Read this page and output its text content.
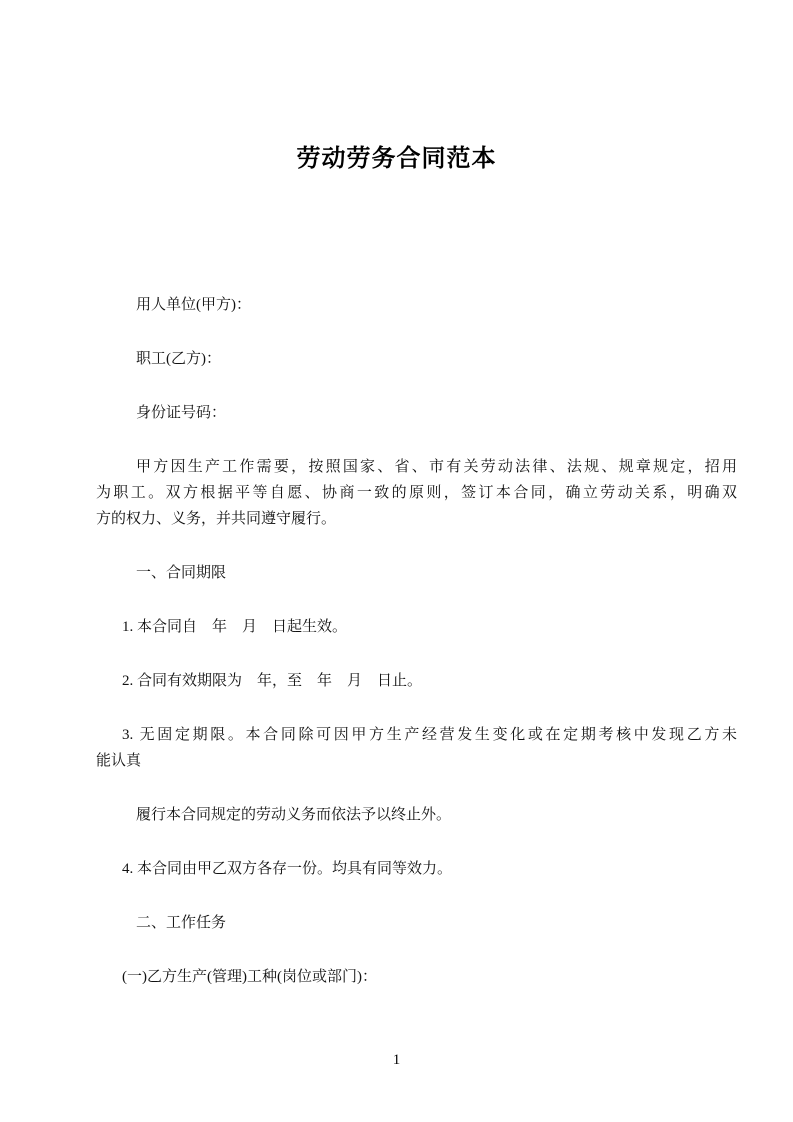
劳动劳务合同范本
用人单位(甲方)：
职工(乙方)：
身份证号码：
甲方因生产工作需要，按照国家、省、市有关劳动法律、法规、规章规定，招用
为职工。双方根据平等自愿、协商一致的原则，签订本合同，确立劳动关系，明确双
方的权力、义务，并共同遵守履行。
一、合同期限
1. 本合同自　年　月　日起生效。
2. 合同有效期限为　年，至　年　月　日止。
3. 无固定期限。本合同除可因甲方生产经营发生变化或在定期考核中发现乙方未
能认真
履行本合同规定的劳动义务而依法予以终止外。
4. 本合同由甲乙双方各存一份。均具有同等效力。
二、工作任务
(一)乙方生产(管理)工种(岗位或部门)：
1
